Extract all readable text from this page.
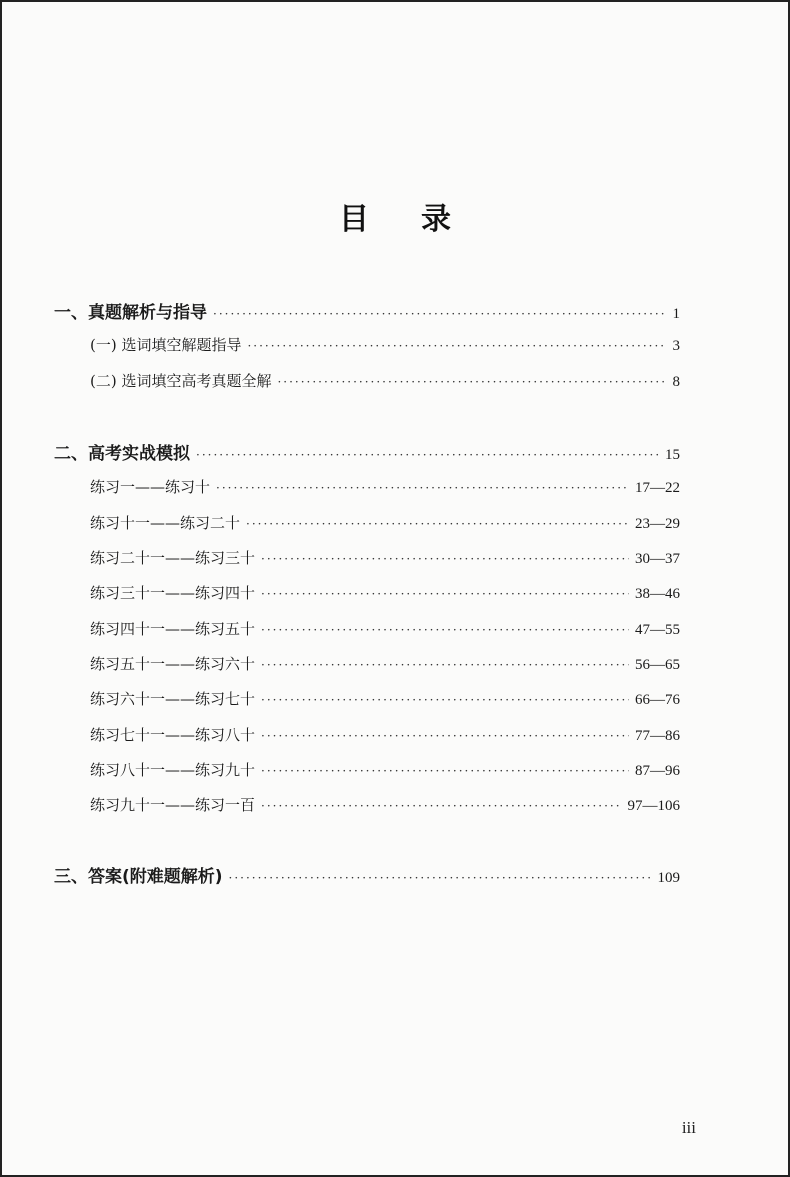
目录
一、真题解析与指导 ·····	1
(一) 选词填空解题指导 ·····	3
(二) 选词填空高考真题全解 ·····	8
二、高考实战模拟 ·····	15
练习一——练习十 ·····	17—22
练习十一——练习二十 ·····	23—29
练习二十一——练习三十 ·····	30—37
练习三十一——练习四十 ·····	38—46
练习四十一——练习五十 ·····	47—55
练习五十一——练习六十 ·····	56—65
练习六十一——练习七十 ·····	66—76
练习七十一——练习八十 ·····	77—86
练习八十一——练习九十 ·····	87—96
练习九十一——练习一百 ·····	97—106
三、答案(附难题解析) ·····	109
iii
